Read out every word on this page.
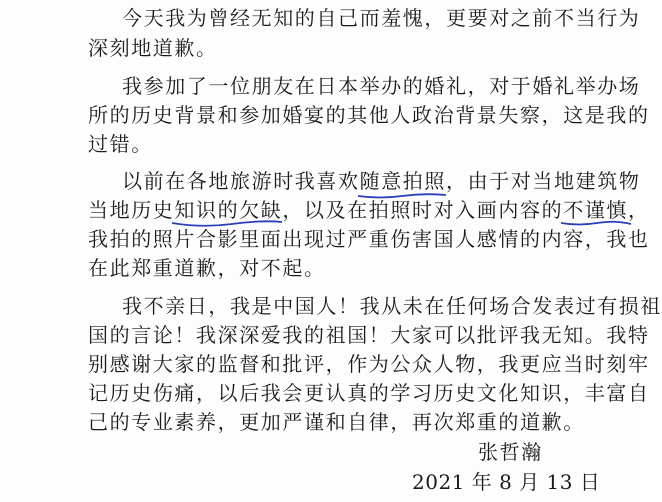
今天我为曾经无知的自己而羞愧，更要对之前不当行为

深刻地道歉。

我参加了一位朋友在日本举办的婚礼，对于婚礼举办场

所的历史背景和参加婚宴的其他人政治背景失察，这是我的

过错。

以前在各地旅游时我喜欢随意拍照
，由于对当地建筑物

当地历史知识的欠缺
，以及在拍照时对入画内容的不谨慎
，

我拍的照片合影里面出现过严重伤害国人感情的内容，我也

在此郑重道歉，对不起。

我不亲日，我是中国人！我从未在任何场合发表过有损祖

国的言论！我深深爱我的祖国！大家可以批评我无知。我特

别感谢大家的监督和批评，作为公众人物，我更应当时刻牢

记历史伤痛，以后我会更认真的学习历史文化知识，丰富自

己的专业素养，更加严谨和自律，再次郑重的道歉。

张哲瀚
2021 年 8 月 13 日
